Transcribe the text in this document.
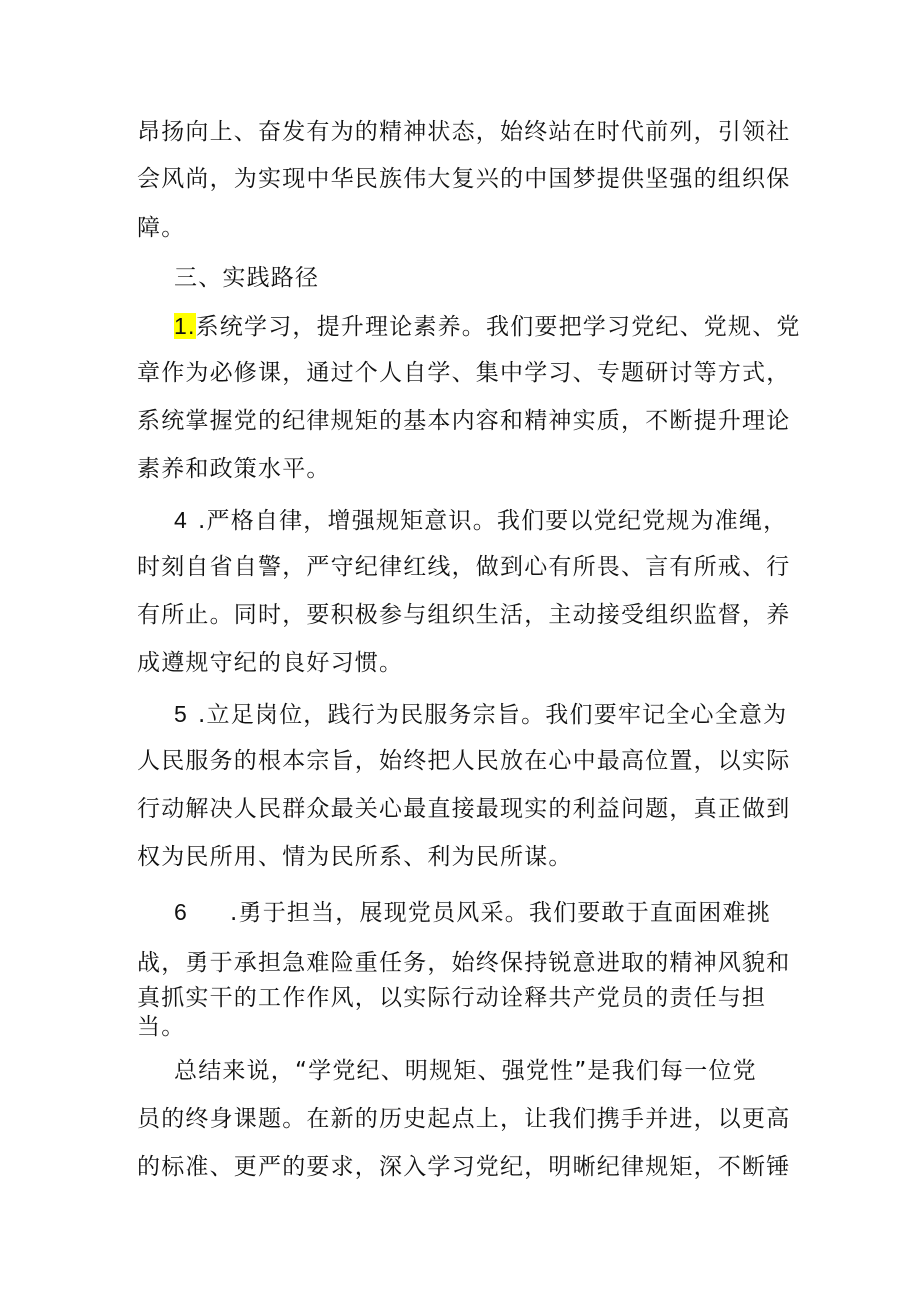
昂扬向上、奋发有为的精神状态，始终站在时代前列，引领社
会风尚，为实现中华民族伟大复兴的中国梦提供坚强的组织保
障。
三、实践路径
1.系统学习，提升理论素养。我们要把学习党纪、党规、党
章作为必修课，通过个人自学、集中学习、专题研讨等方式，
系统掌握党的纪律规矩的基本内容和精神实质，不断提升理论
素养和政策水平。
4 .严格自律，增强规矩意识。我们要以党纪党规为准绳，
时刻自省自警，严守纪律红线，做到心有所畏、言有所戒、行
有所止。同时，要积极参与组织生活，主动接受组织监督，养
成遵规守纪的良好习惯。
5 .立足岗位，践行为民服务宗旨。我们要牢记全心全意为
人民服务的根本宗旨，始终把人民放在心中最高位置，以实际
行动解决人民群众最关心最直接最现实的利益问题，真正做到
权为民所用、情为民所系、利为民所谋。
6 .勇于担当，展现党员风采。我们要敢于直面困难挑
战，勇于承担急难险重任务，始终保持锐意进取的精神风貌和
真抓实干的工作作风，以实际行动诠释共产党员的责任与担
当。
总结来说，“学党纪、明规矩、强党性”是我们每一位党
员的终身课题。在新的历史起点上，让我们携手并进，以更高
的标准、更严的要求，深入学习党纪，明晰纪律规矩，不断锤
